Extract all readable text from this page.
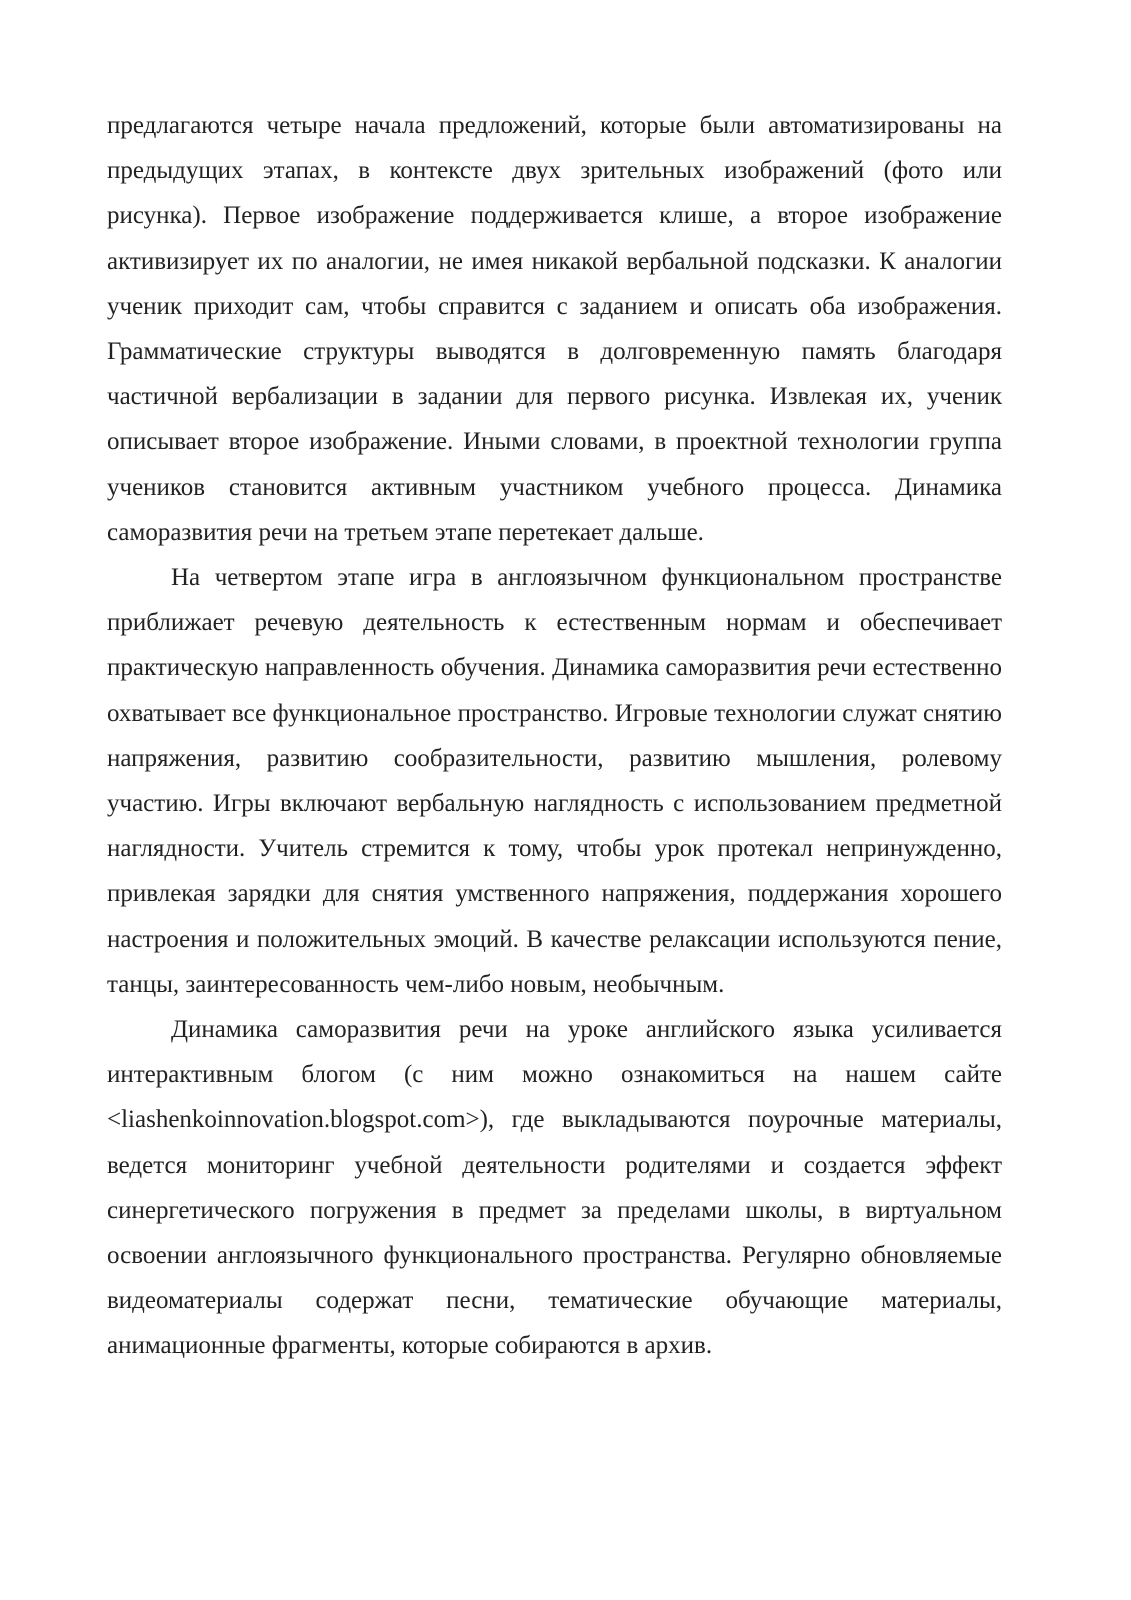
предлагаются четыре начала предложений, которые были автоматизированы на предыдущих этапах, в контексте двух зрительных изображений (фото или рисунка). Первое изображение поддерживается клише, а второе изображение активизирует их по аналогии, не имея никакой вербальной подсказки. К аналогии ученик приходит сам, чтобы справится с заданием и описать оба изображения. Грамматические структуры выводятся в долговременную память благодаря частичной вербализации в задании для первого рисунка. Извлекая их, ученик описывает второе изображение. Иными словами, в проектной технологии группа учеников становится активным участником учебного процесса. Динамика саморазвития речи на третьем этапе перетекает дальше.

На четвертом этапе игра в англоязычном функциональном пространстве приближает речевую деятельность к естественным нормам и обеспечивает практическую направленность обучения. Динамика саморазвития речи естественно охватывает все функциональное пространство. Игровые технологии служат снятию напряжения, развитию сообразительности, развитию мышления, ролевому участию. Игры включают вербальную наглядность с использованием предметной наглядности. Учитель стремится к тому, чтобы урок протекал непринужденно, привлекая зарядки для снятия умственного напряжения, поддержания хорошего настроения и положительных эмоций. В качестве релаксации используются пение, танцы, заинтересованность чем-либо новым, необычным.

Динамика саморазвития речи на уроке английского языка усиливается интерактивным блогом (с ним можно ознакомиться на нашем сайте <liashenkoinnovation.blogspot.com>), где выкладываются поурочные материалы, ведется мониторинг учебной деятельности родителями и создается эффект синергетического погружения в предмет за пределами школы, в виртуальном освоении англоязычного функционального пространства. Регулярно обновляемые видеоматериалы содержат песни, тематические обучающие материалы, анимационные фрагменты, которые собираются в архив.
